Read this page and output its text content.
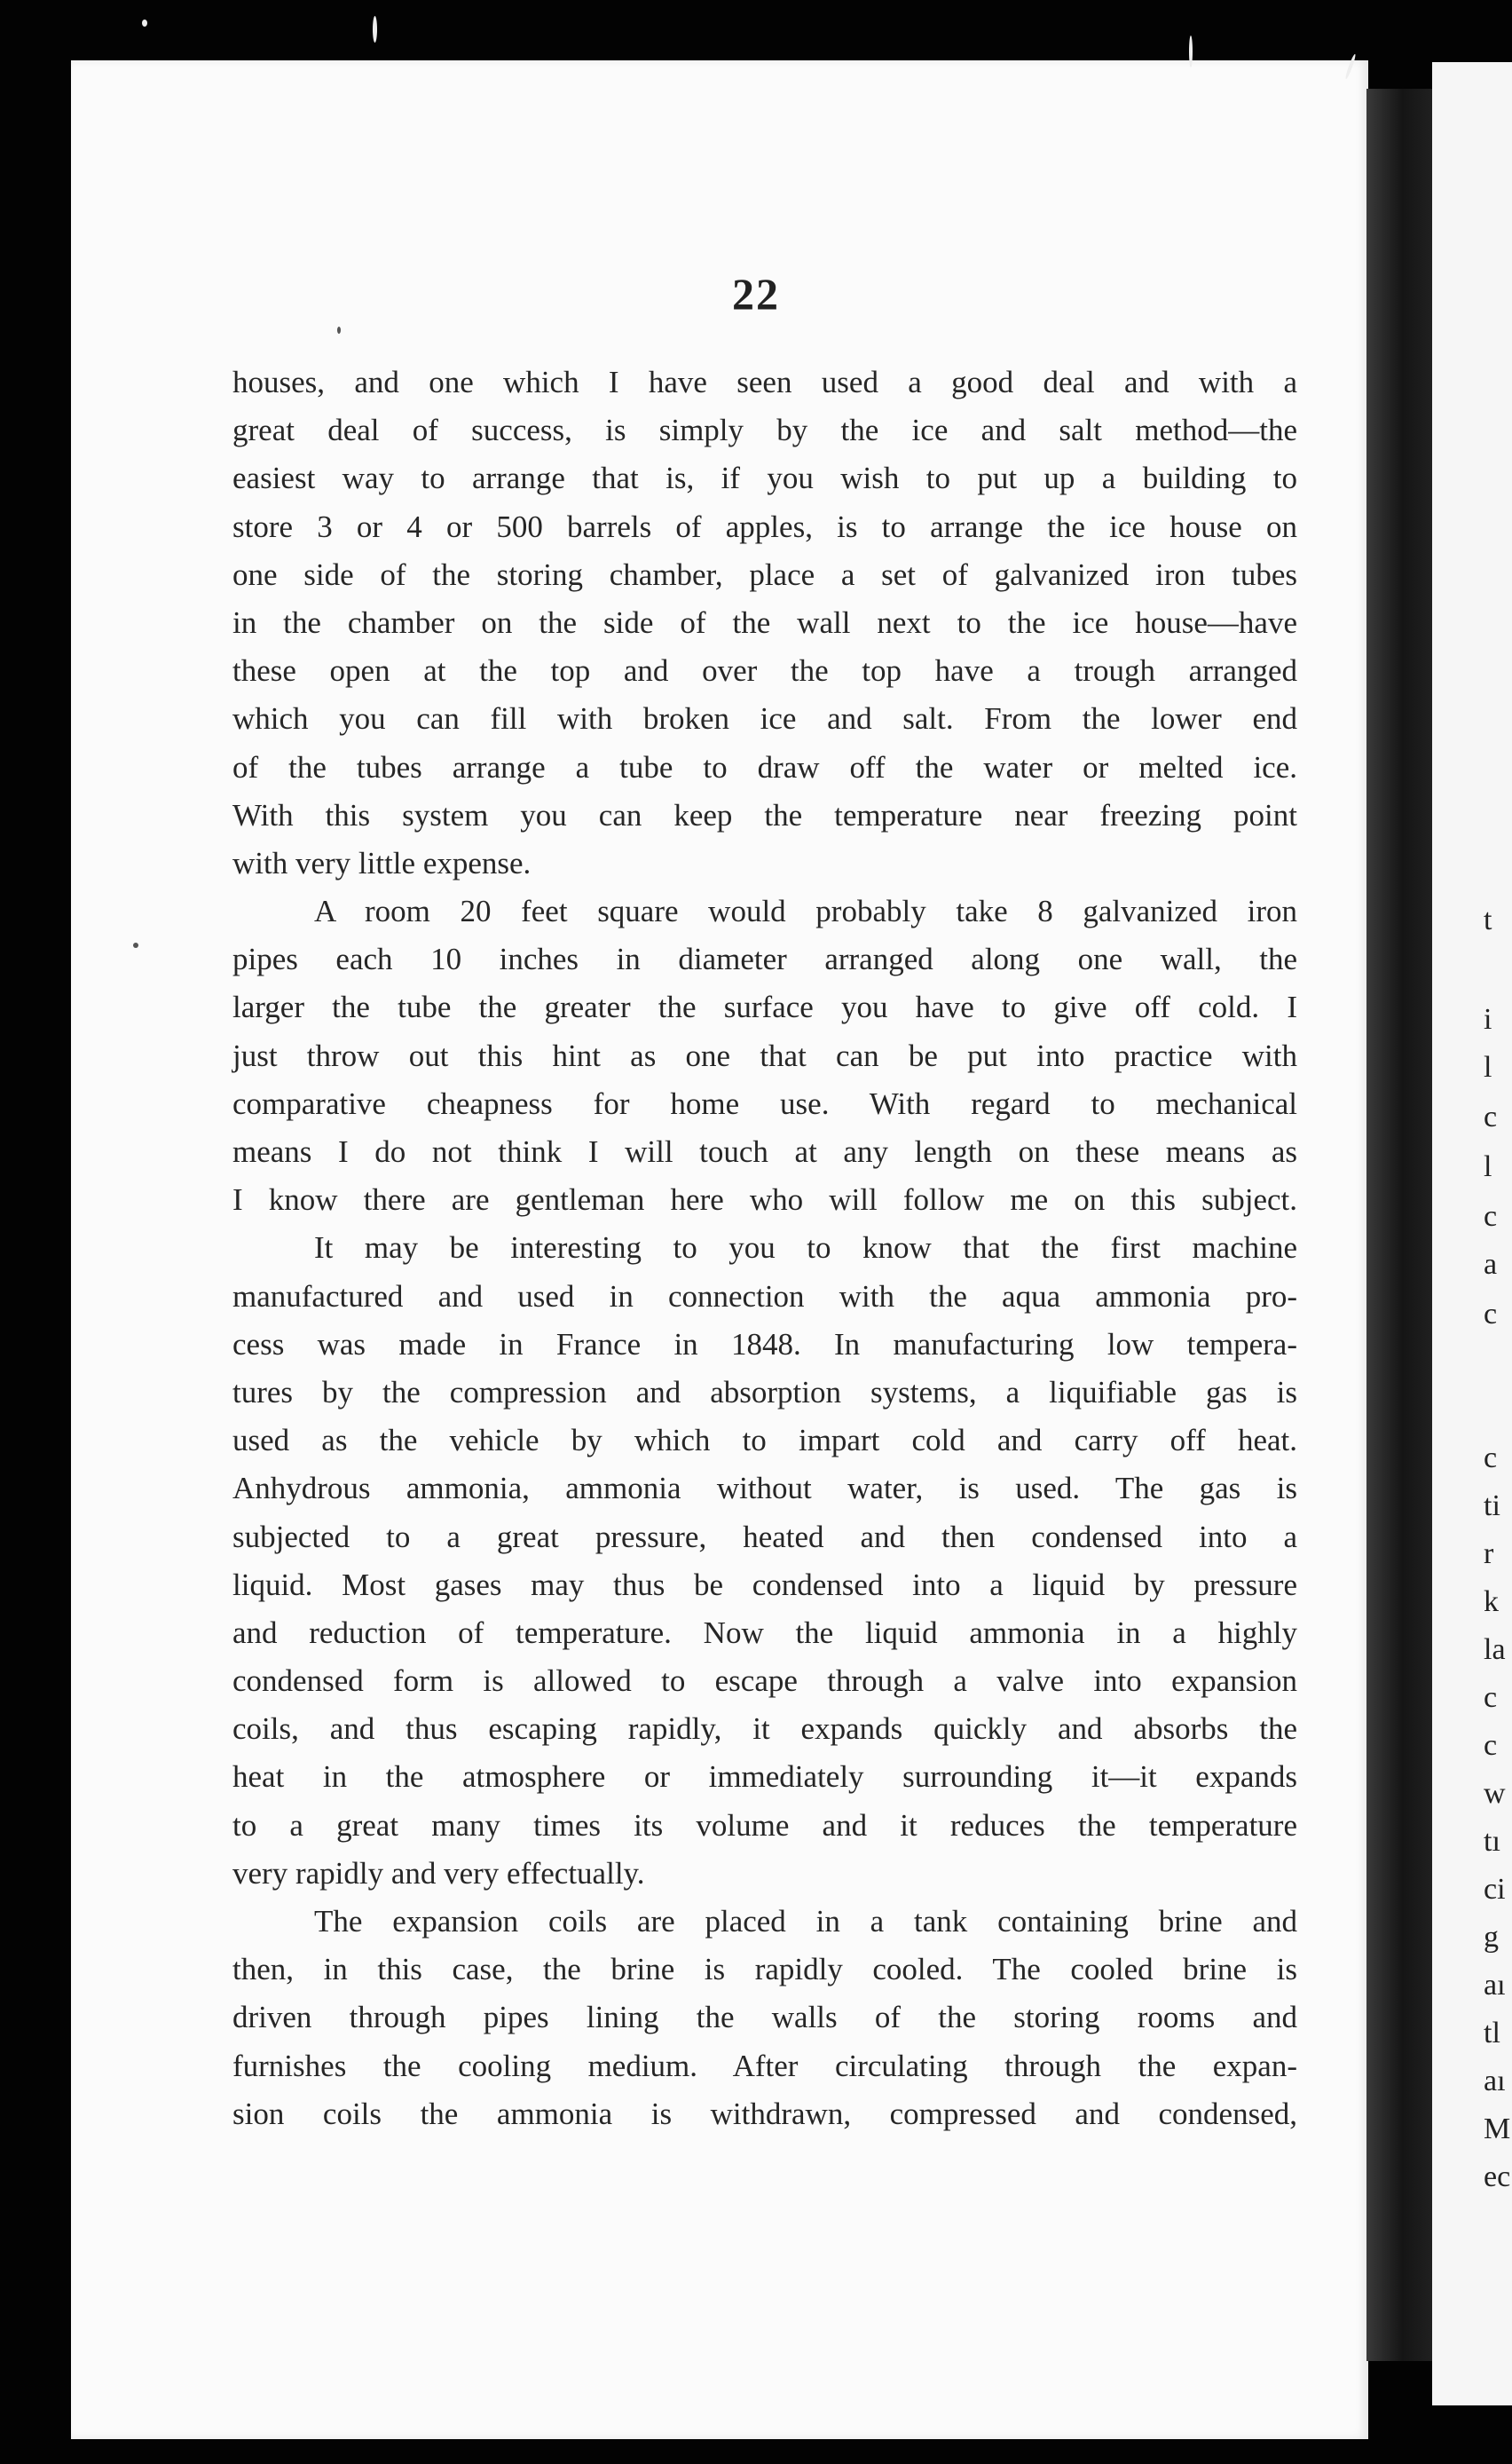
t
i
l
c
l
c
a
c
c
ti
r
k
la
c
c
w
tı
ci
g
aı
tl
aı
M
ec
22
houses, and one which I have seen used a good deal and with a
great deal of success, is simply by the ice and salt method—the
easiest way to arrange that is, if you wish to put up a building to
store 3 or 4 or 500 barrels of apples, is to arrange the ice house on
one side of the storing chamber, place a set of galvanized iron tubes
in the chamber on the side of the wall next to the ice house—have
these open at the top and over the top have a trough arranged
which you can fill with broken ice and salt. From the lower end
of the tubes arrange a tube to draw off the water or melted ice.
With this system you can keep the temperature near freezing point
with very little expense.
A room 20 feet square would probably take 8 galvanized iron
pipes each 10 inches in diameter arranged along one wall, the
larger the tube the greater the surface you have to give off cold. I
just throw out this hint as one that can be put into practice with
comparative cheapness for home use. With regard to mechanical
means I do not think I will touch at any length on these means as
I know there are gentleman here who will follow me on this subject.
It may be interesting to you to know that the first machine
manufactured and used in connection with the aqua ammonia pro-
cess was made in France in 1848. In manufacturing low tempera-
tures by the compression and absorption systems, a liquifiable gas is
used as the vehicle by which to impart cold and carry off heat.
Anhydrous ammonia, ammonia without water, is used. The gas is
subjected to a great pressure, heated and then condensed into a
liquid. Most gases may thus be condensed into a liquid by pressure
and reduction of temperature. Now the liquid ammonia in a highly
condensed form is allowed to escape through a valve into expansion
coils, and thus escaping rapidly, it expands quickly and absorbs the
heat in the atmosphere or immediately surrounding it—it expands
to a great many times its volume and it reduces the temperature
very rapidly and very effectually.
The expansion coils are placed in a tank containing brine and
then, in this case, the brine is rapidly cooled. The cooled brine is
driven through pipes lining the walls of the storing rooms and
furnishes the cooling medium. After circulating through the expan-
sion coils the ammonia is withdrawn, compressed and condensed,
